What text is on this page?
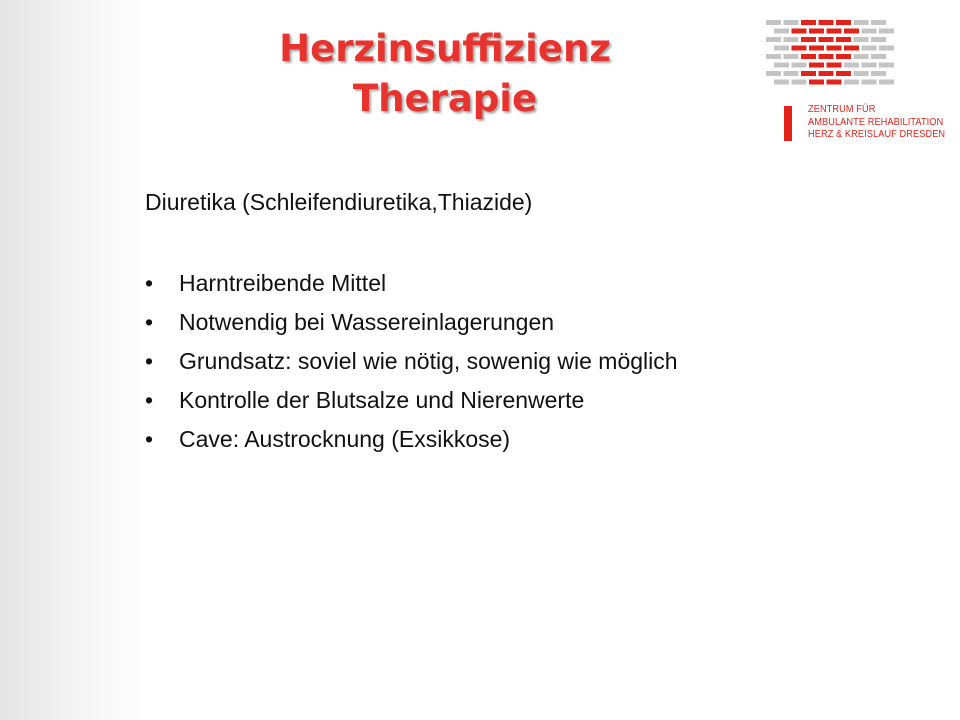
Herzinsuffizienz
Therapie	ZENTRUM FÜR
AMBULANTE REHABILITATION
HERZ & KREISLAUF DRESDEN
Diuretika (Schleifendiuretika,Thiazide)
• Harntreibende Mittel
• Notwendig bei Wassereinlagerungen
• Grundsatz: soviel wie nötig, sowenig wie möglich
• Kontrolle der Blutsalze und Nierenwerte
• Cave: Austrocknung (Exsikkose)
